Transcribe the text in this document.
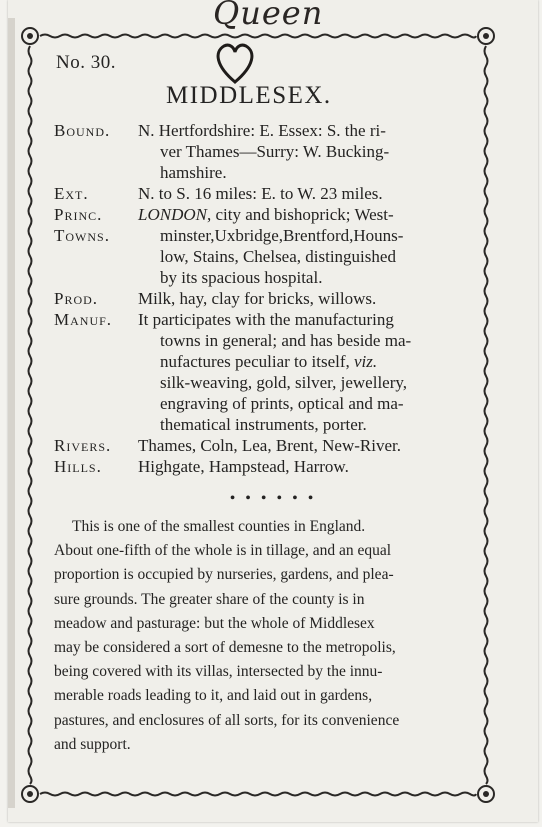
Queen
No. 30.
MIDDLESEX.
Bound.	N. Hertfordshire: E. Essex: S. the ri-
ver Thames—Surry: W. Bucking-
hamshire.
Ext.	N. to S. 16 miles: E. to W. 23 miles.
Princ.	LONDON, city and bishoprick; West-
Towns.	minster,Uxbridge,Brentford,Houns-
low, Stains, Chelsea, distinguished
by its spacious hospital.
Prod.	Milk, hay, clay for bricks, willows.
Manuf.	It participates with the manufacturing
towns in general; and has beside ma-
nufactures peculiar to itself, viz.
silk-weaving, gold, silver, jewellery,
engraving of prints, optical and ma-
thematical instruments, porter.
Rivers.	Thames, Coln, Lea, Brent, New-River.
Hills.	Highgate, Hampstead, Harrow.
• • • • • •
This is one of the smallest counties in England.
About one-fifth of the whole is in tillage, and an equal
proportion is occupied by nurseries, gardens, and plea-
sure grounds. The greater share of the county is in
meadow and pasturage: but the whole of Middlesex
may be considered a sort of demesne to the metropolis,
being covered with its villas, intersected by the innu-
merable roads leading to it, and laid out in gardens,
pastures, and enclosures of all sorts, for its convenience
and support.
